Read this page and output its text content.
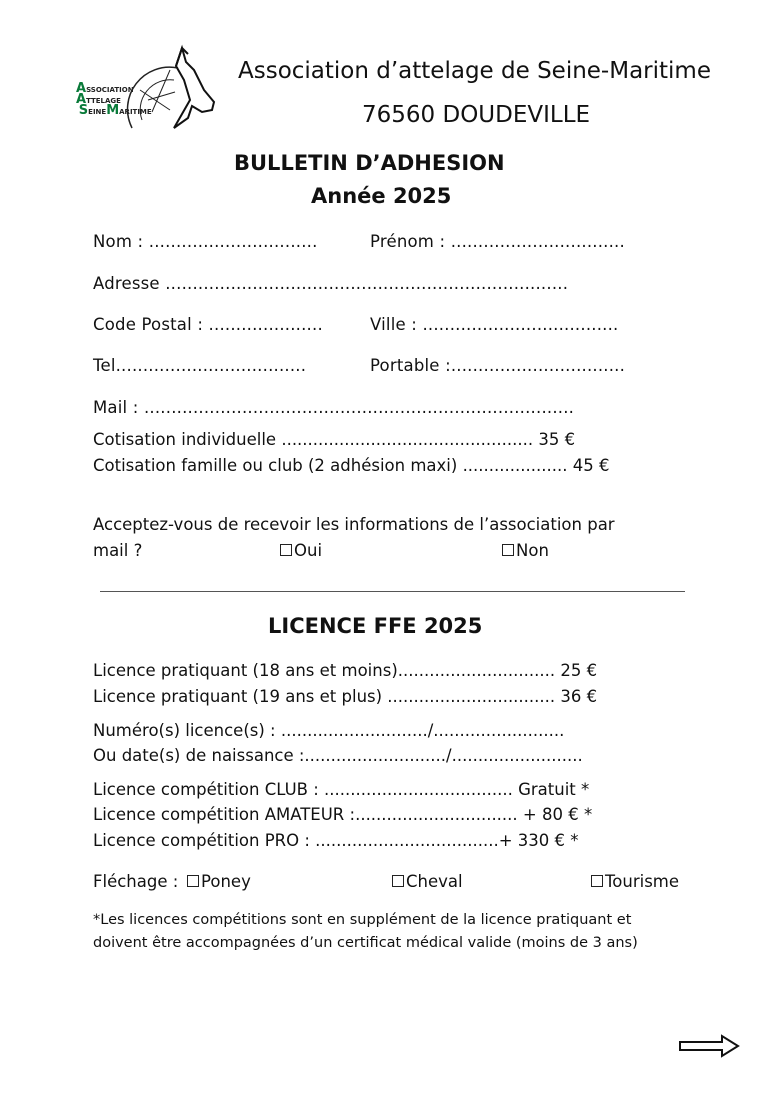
ASSOCIATION
ATTELAGE
SEINEMARITIME
Association d’attelage de Seine-Maritime
76560 DOUDEVILLE
BULLETIN D’ADHESION
Année 2025
Nom : ...............................	Prénom : ................................
Adresse ..........................................................................
Code Postal : .....................	Ville : ....................................
Tel...................................	Portable :................................
Mail : ...............................................................................
Cotisation individuelle ................................................ 35 €
Cotisation famille ou club (2 adhésion maxi) .................... 45 €
Acceptez-vous de recevoir les informations de l’association par
mail ?	Oui	Non
LICENCE FFE 2025
Licence pratiquant (18 ans et moins).............................. 25 €
Licence pratiquant (19 ans et plus) ................................ 36 €
Numéro(s) licence(s) : ............................/.........................
Ou date(s) de naissance :.........................../.........................
Licence compétition CLUB : .................................... Gratuit *
Licence compétition AMATEUR :............................... + 80 € *
Licence compétition PRO : ...................................+ 330 € *
Fléchage :	Poney	Cheval	Tourisme
*Les licences compétitions sont en supplément de la licence pratiquant et
doivent être accompagnées d’un certificat médical valide (moins de 3 ans)
